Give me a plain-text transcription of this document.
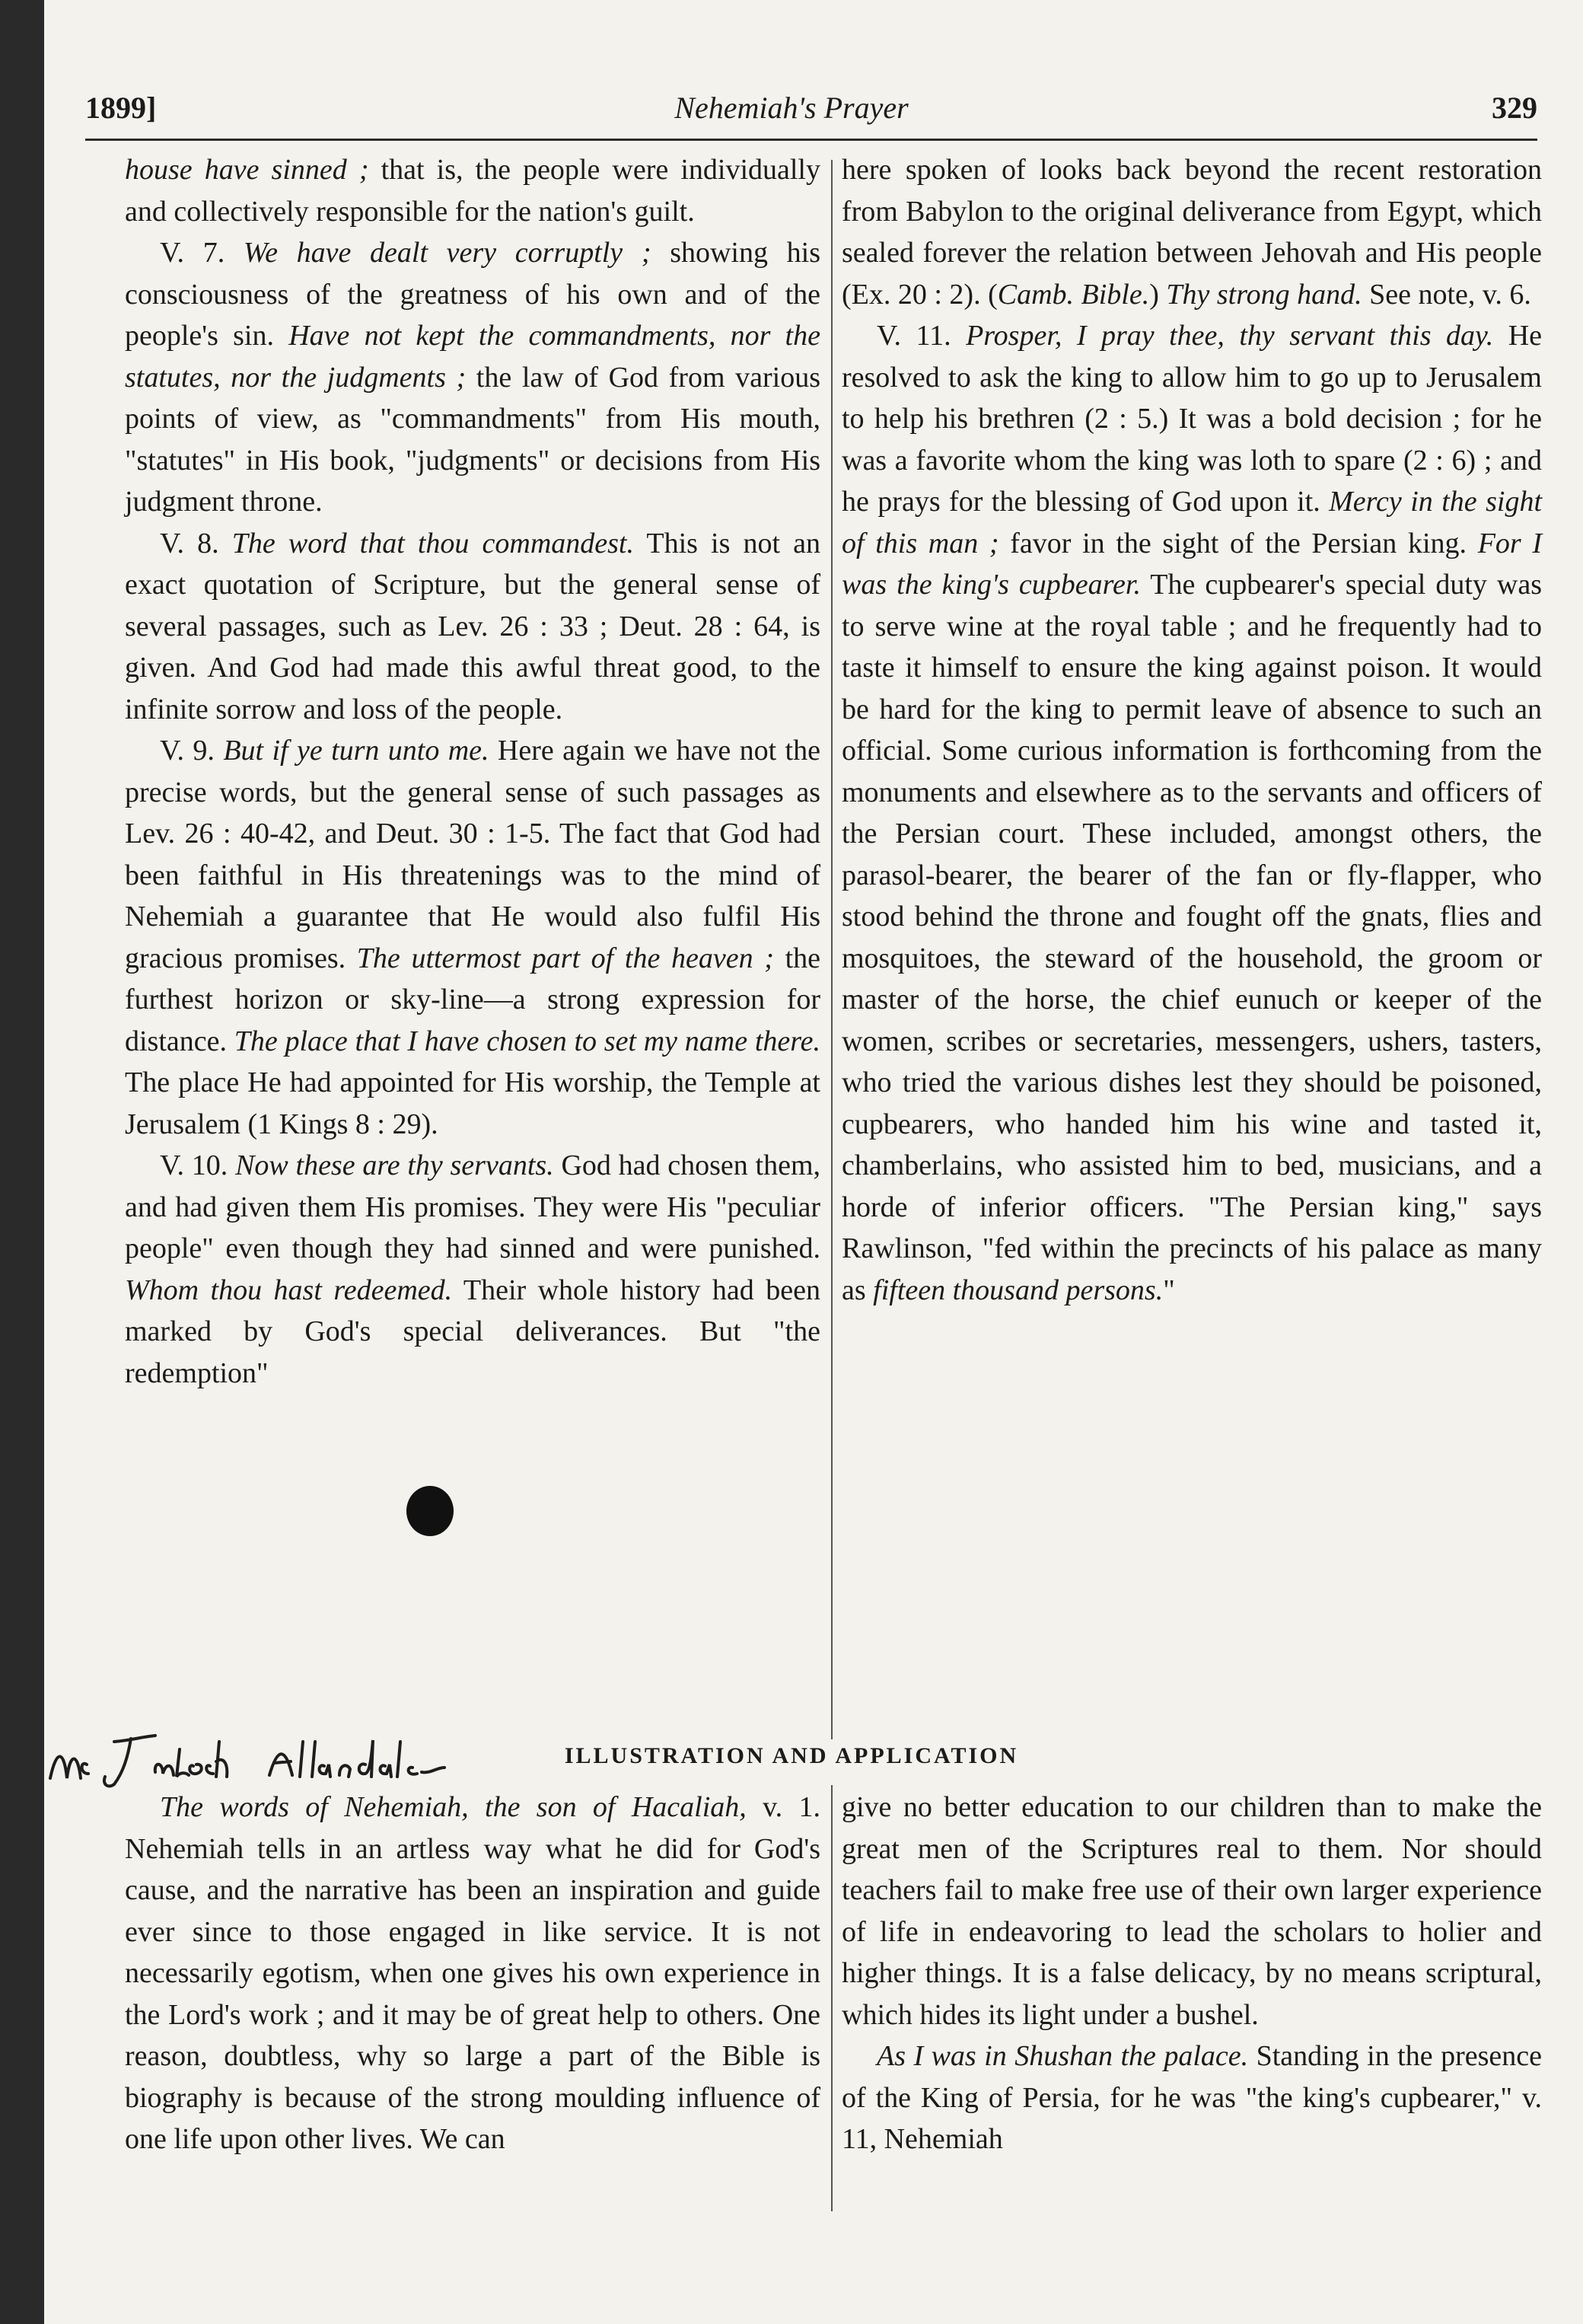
1899]	Nehemiah's Prayer	329

house have sinned ; that is, the people were individually and collectively responsible for the nation's guilt.

V. 7. We have dealt very corruptly ; showing his consciousness of the greatness of his own and of the people's sin. Have not kept the commandments, nor the statutes, nor the judgments ; the law of God from various points of view, as "commandments" from His mouth, "statutes" in His book, "judgments" or decisions from His judgment throne.

V. 8. The word that thou commandest. This is not an exact quotation of Scripture, but the general sense of several passages, such as Lev. 26 : 33 ; Deut. 28 : 64, is given. And God had made this awful threat good, to the infinite sorrow and loss of the people.

V. 9. But if ye turn unto me. Here again we have not the precise words, but the general sense of such passages as Lev. 26 : 40-42, and Deut. 30 : 1-5. The fact that God had been faithful in His threatenings was to the mind of Nehemiah a guarantee that He would also fulfil His gracious promises. The uttermost part of the heaven ; the furthest horizon or sky-line—a strong expression for distance. The place that I have chosen to set my name there. The place He had appointed for His worship, the Temple at Jerusalem (1 Kings 8 : 29).

V. 10. Now these are thy servants. God had chosen them, and had given them His promises. They were His "peculiar people" even though they had sinned and were punished. Whom thou hast redeemed. Their whole history had been marked by God's special deliverances. But "the redemption"

here spoken of looks back beyond the recent restoration from Babylon to the original deliverance from Egypt, which sealed forever the relation between Jehovah and His people (Ex. 20 : 2). (Camb. Bible.) Thy strong hand. See note, v. 6.

V. 11. Prosper, I pray thee, thy servant this day. He resolved to ask the king to allow him to go up to Jerusalem to help his brethren (2 : 5.) It was a bold decision ; for he was a favorite whom the king was loth to spare (2 : 6) ; and he prays for the blessing of God upon it. Mercy in the sight of this man ; favor in the sight of the Persian king. For I was the king's cupbearer. The cupbearer's special duty was to serve wine at the royal table ; and he frequently had to taste it himself to ensure the king against poison. It would be hard for the king to permit leave of absence to such an official. Some curious information is forthcoming from the monuments and elsewhere as to the servants and officers of the Persian court. These included, amongst others, the parasol-bearer, the bearer of the fan or fly-flapper, who stood behind the throne and fought off the gnats, flies and mosquitoes, the steward of the household, the groom or master of the horse, the chief eunuch or keeper of the women, scribes or secretaries, messengers, ushers, tasters, who tried the various dishes lest they should be poisoned, cupbearers, who handed him his wine and tasted it, chamberlains, who assisted him to bed, musicians, and a horde of inferior officers. "The Persian king," says Rawlinson, "fed within the precincts of his palace as many as fifteen thousand persons."

ILLUSTRATION AND APPLICATION

The words of Nehemiah, the son of Hacaliah, v. 1. Nehemiah tells in an artless way what he did for God's cause, and the narrative has been an inspiration and guide ever since to those engaged in like service. It is not necessarily egotism, when one gives his own experience in the Lord's work ; and it may be of great help to others. One reason, doubtless, why so large a part of the Bible is biography is because of the strong moulding influence of one life upon other lives. We can

give no better education to our children than to make the great men of the Scriptures real to them. Nor should teachers fail to make free use of their own larger experience of life in endeavoring to lead the scholars to holier and higher things. It is a false delicacy, by no means scriptural, which hides its light under a bushel.

As I was in Shushan the palace. Standing in the presence of the King of Persia, for he was "the king's cupbearer," v. 11, Nehemiah
